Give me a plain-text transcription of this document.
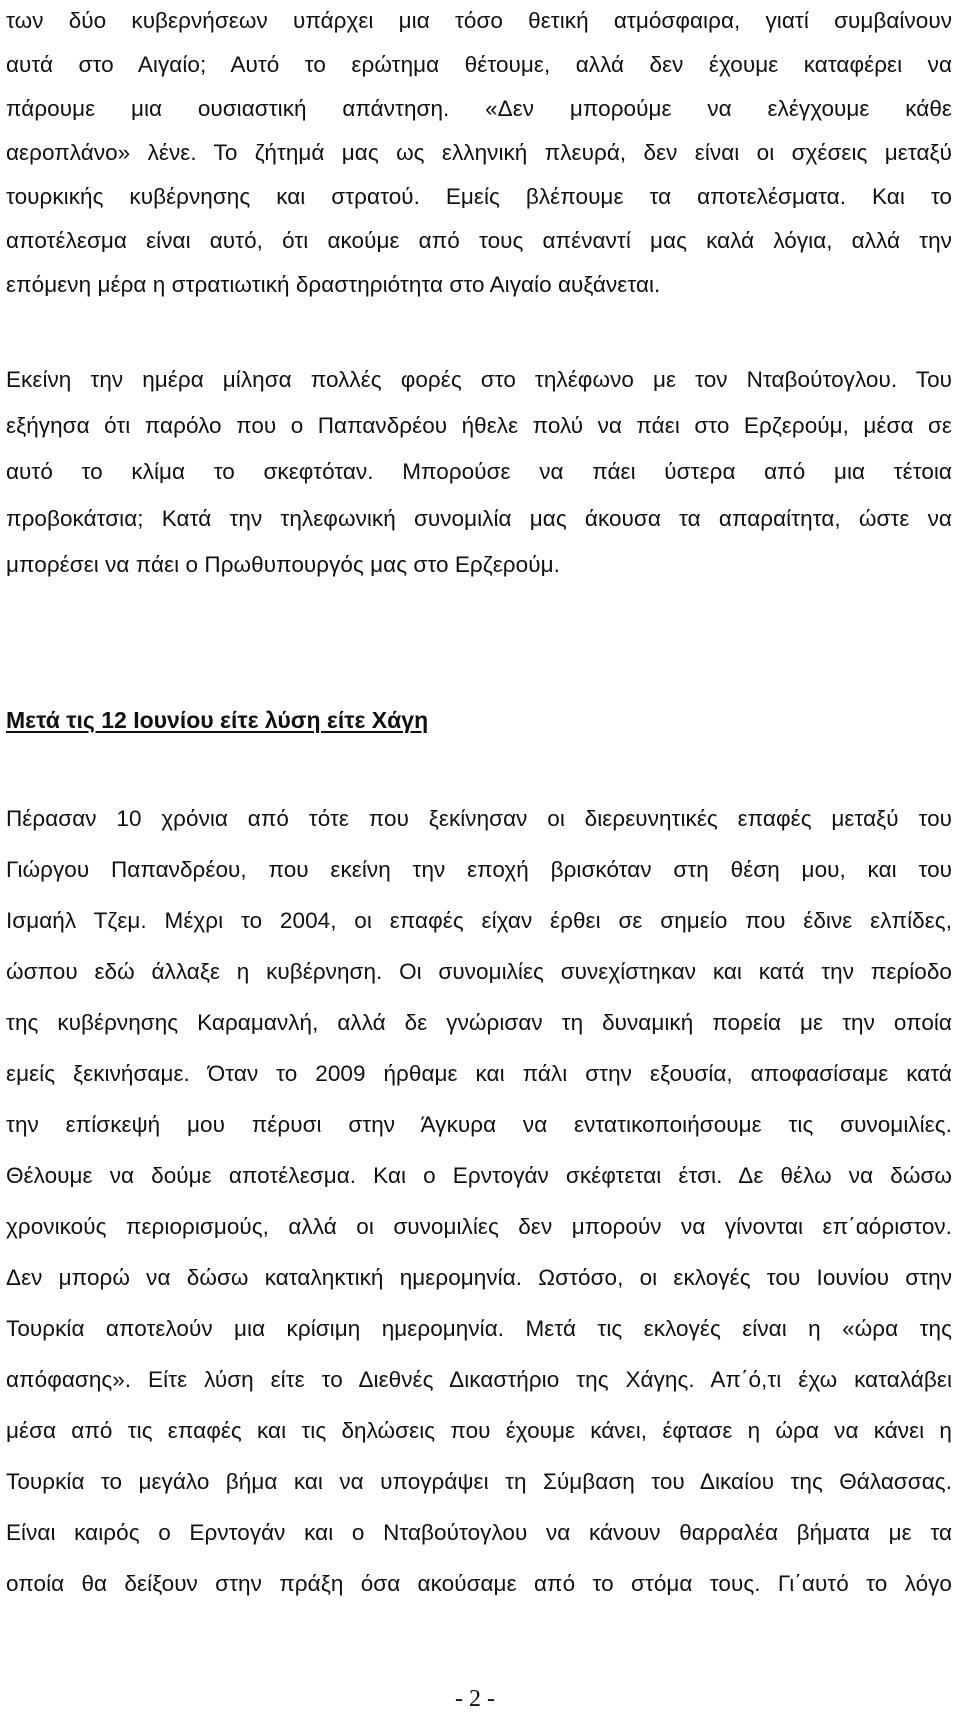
των δύο κυβερνήσεων υπάρχει μια τόσο θετική ατμόσφαιρα, γιατί συμβαίνουν
αυτά στο Αιγαίο; Αυτό το ερώτημα θέτουμε, αλλά δεν έχουμε καταφέρει να
πάρουμε μια ουσιαστική απάντηση. «Δεν μπορούμε να ελέγχουμε κάθε
αεροπλάνο» λένε. Το ζήτημά μας ως ελληνική πλευρά, δεν είναι οι σχέσεις μεταξύ
τουρκικής κυβέρνησης και στρατού. Εμείς βλέπουμε τα αποτελέσματα. Και το
αποτέλεσμα είναι αυτό, ότι ακούμε από τους απέναντί μας καλά λόγια, αλλά την
επόμενη μέρα η στρατιωτική δραστηριότητα στο Αιγαίο αυξάνεται.
Εκείνη την ημέρα μίλησα πολλές φορές στο τηλέφωνο με τον Νταβούτογλου. Του
εξήγησα ότι παρόλο που ο Παπανδρέου ήθελε πολύ να πάει στο Ερζερούμ, μέσα σε
αυτό το κλίμα το σκεφτόταν. Μπορούσε να πάει ύστερα από μια τέτοια
προβοκάτσια; Κατά την τηλεφωνική συνομιλία μας άκουσα τα απαραίτητα, ώστε να
μπορέσει να πάει ο Πρωθυπουργός μας στο Ερζερούμ.
Μετά τις 12 Ιουνίου είτε λύση είτε Χάγη
Πέρασαν 10 χρόνια από τότε που ξεκίνησαν οι διερευνητικές επαφές μεταξύ του
Γιώργου Παπανδρέου, που εκείνη την εποχή βρισκόταν στη θέση μου, και του
Ισμαήλ Τζεμ. Μέχρι το 2004, οι επαφές είχαν έρθει σε σημείο που έδινε ελπίδες,
ώσπου εδώ άλλαξε η κυβέρνηση. Οι συνομιλίες συνεχίστηκαν και κατά την περίοδο
της κυβέρνησης Καραμανλή, αλλά δε γνώρισαν τη δυναμική πορεία με την οποία
εμείς ξεκινήσαμε. Όταν το 2009 ήρθαμε και πάλι στην εξουσία, αποφασίσαμε κατά
την επίσκεψή μου πέρυσι στην Άγκυρα να εντατικοποιήσουμε τις συνομιλίες.
Θέλουμε να δούμε αποτέλεσμα. Και ο Ερντογάν σκέφτεται έτσι. Δε θέλω να δώσω
χρονικούς περιορισμούς, αλλά οι συνομιλίες δεν μπορούν να γίνονται επ΄αόριστον.
Δεν μπορώ να δώσω καταληκτική ημερομηνία. Ωστόσο, οι εκλογές του Ιουνίου στην
Τουρκία αποτελούν μια κρίσιμη ημερομηνία. Μετά τις εκλογές είναι η «ώρα της
απόφασης». Είτε λύση είτε το Διεθνές Δικαστήριο της Χάγης. Απ΄ό,τι έχω καταλάβει
μέσα από τις επαφές και τις δηλώσεις που έχουμε κάνει, έφτασε η ώρα να κάνει η
Τουρκία το μεγάλο βήμα και να υπογράψει τη Σύμβαση του Δικαίου της Θάλασσας.
Είναι καιρός ο Ερντογάν και ο Νταβούτογλου να κάνουν θαρραλέα βήματα με τα
οποία θα δείξουν στην πράξη όσα ακούσαμε από το στόμα τους. Γι΄αυτό το λόγο
- 2 -
